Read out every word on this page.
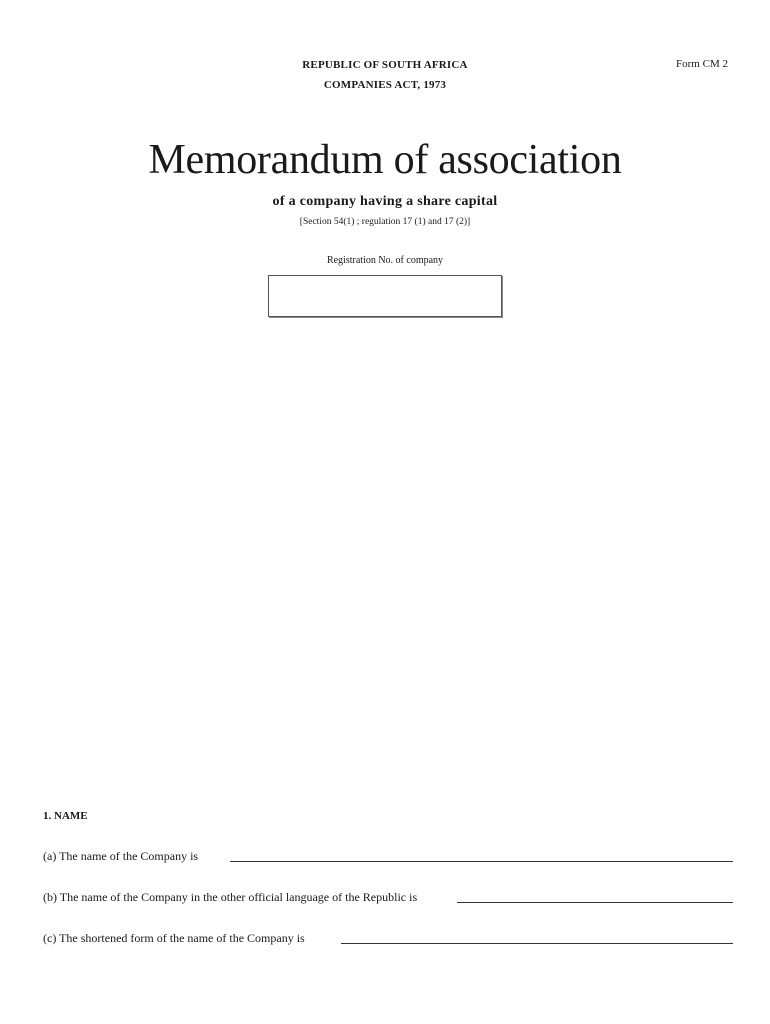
Form CM 2
REPUBLIC OF SOUTH AFRICA
COMPANIES ACT, 1973
Memorandum of association
of a company having a share capital
[Section 54(1) ; regulation 17 (1) and 17 (2)]
Registration No. of company
1. NAME
(a) The name of the Company is
(b) The name of the Company in the other official language of the Republic is
(c) The shortened form of the name of the Company is
